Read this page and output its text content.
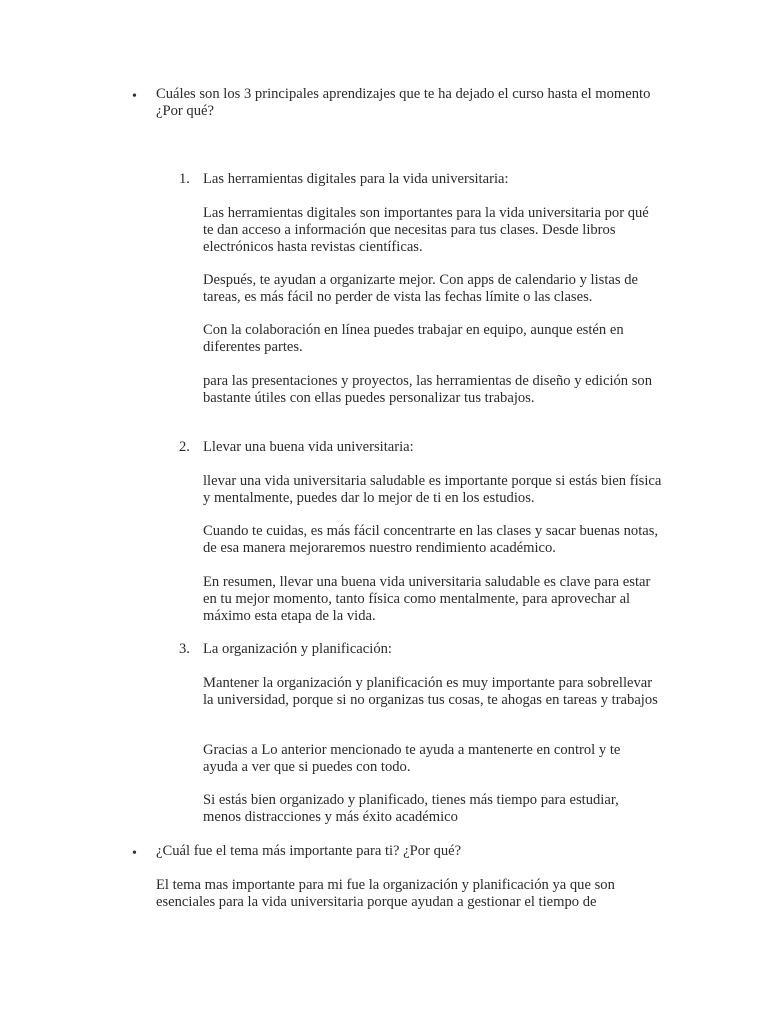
• Cuáles son los 3 principales aprendizajes que te ha dejado el curso hasta el momento ¿Por qué?

1. Las herramientas digitales para la vida universitaria:

Las herramientas digitales son importantes para la vida universitaria por qué te dan acceso a información que necesitas para tus clases. Desde libros electrónicos hasta revistas científicas.

Después, te ayudan a organizarte mejor. Con apps de calendario y listas de tareas, es más fácil no perder de vista las fechas límite o las clases.

Con la colaboración en línea puedes trabajar en equipo, aunque estén en diferentes partes.

para las presentaciones y proyectos, las herramientas de diseño y edición son bastante útiles con ellas puedes personalizar tus trabajos.

2. Llevar una buena vida universitaria:

llevar una vida universitaria saludable es importante porque si estás bien física y mentalmente, puedes dar lo mejor de ti en los estudios.

Cuando te cuidas, es más fácil concentrarte en las clases y sacar buenas notas, de esa manera mejoraremos nuestro rendimiento académico.

En resumen, llevar una buena vida universitaria saludable es clave para estar en tu mejor momento, tanto física como mentalmente, para aprovechar al máximo esta etapa de la vida.

3. La organización y planificación:

Mantener la organización y planificación es muy importante para sobrellevar la universidad, porque si no organizas tus cosas, te ahogas en tareas y trabajos

Gracias a Lo anterior mencionado te ayuda a mantenerte en control y te ayuda a ver que si puedes con todo.

Si estás bien organizado y planificado, tienes más tiempo para estudiar, menos distracciones y más éxito académico

• ¿Cuál fue el tema más importante para ti? ¿Por qué?

El tema mas importante para mi fue la organización y planificación ya que son esenciales para la vida universitaria porque ayudan a gestionar el tiempo de
